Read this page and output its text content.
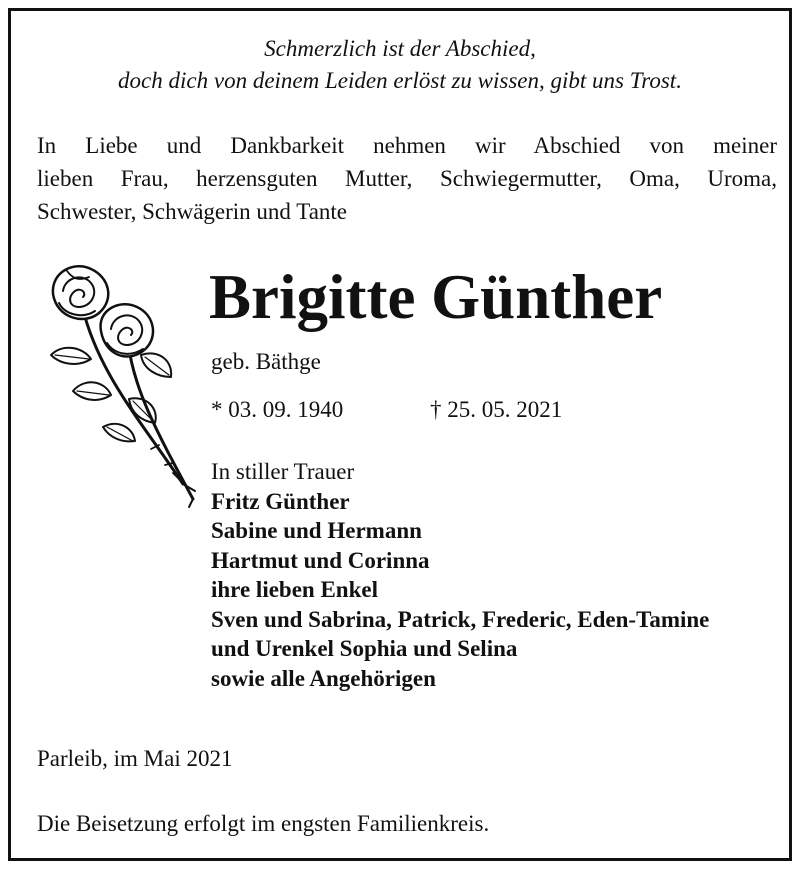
Schmerzlich ist der Abschied,
doch dich von deinem Leiden erlöst zu wissen, gibt uns Trost.
In Liebe und Dankbarkeit nehmen wir Abschied von meiner
lieben Frau, herzensguten Mutter, Schwiegermutter, Oma, Uroma,
Schwester, Schwägerin und Tante
Brigitte Günther
geb. Bäthge
* 03. 09. 1940	† 25. 05. 2021
In stiller Trauer
Fritz Günther
Sabine und Hermann
Hartmut und Corinna
ihre lieben Enkel
Sven und Sabrina, Patrick, Frederic, Eden-Tamine
und Urenkel Sophia und Selina
sowie alle Angehörigen
Parleib, im Mai 2021
Die Beisetzung erfolgt im engsten Familienkreis.
